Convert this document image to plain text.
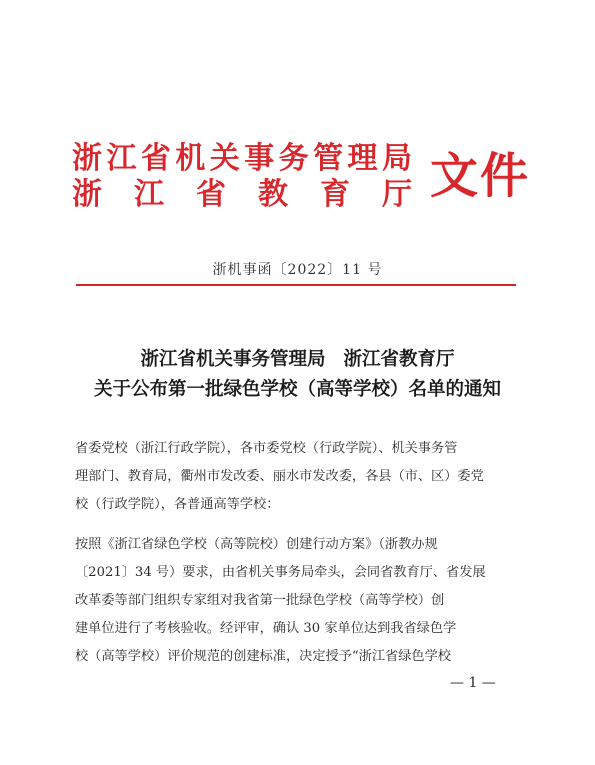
浙 江 省 机 关 事 务 管 理 局
浙 江 省 教 育 厅 文件
浙机事函〔2022〕11 号
浙江省机关事务管理局 浙江省教育厅
关于公布第一批绿色学校（高等学校）名单的通知
省委党校（浙江行政学院），各市委党校（行政学院）、机关事务管
理部门、教育局，衢州市发改委、丽水市发改委，各县（市、区）委党
校（行政学院），各普通高等学校：
按照《浙江省绿色学校（高等院校）创建行动方案》（浙教办规
〔2021〕34 号）要求，由省机关事务局牵头，会同省教育厅、省发展
改革委等部门组织专家组对我省第一批绿色学校（高等学校）创
建单位进行了考核验收。经评审，确认 30 家单位达到我省绿色学
校（高等学校）评价规范的创建标准，决定授予“浙江省绿色学校
— 1 —
